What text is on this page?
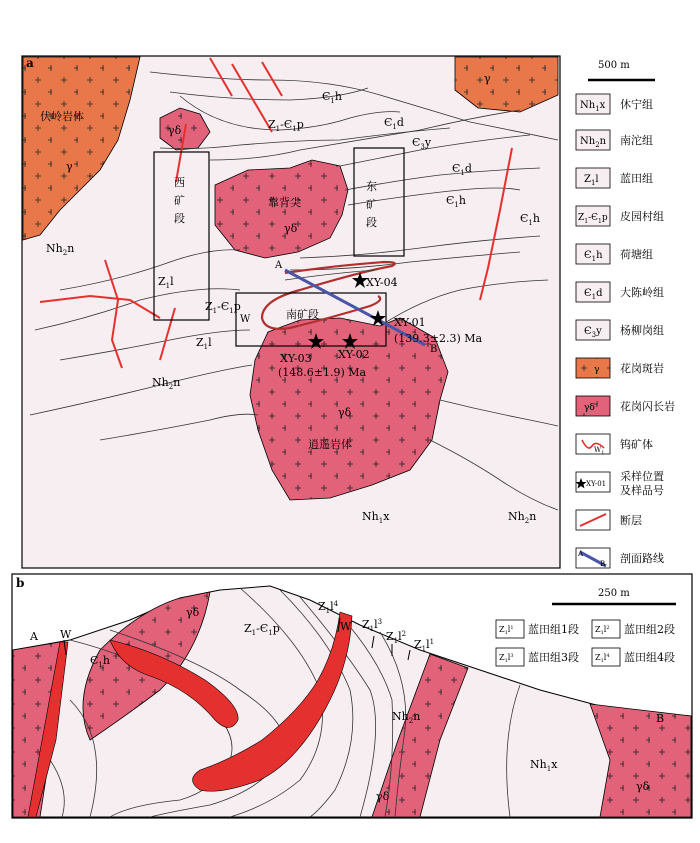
a
伏岭岩体
靠背尖
逍遥岩体
西
矿
段
东
矿
段
南矿段
XY-04
XY-01
(139.3±2.3) Ma
XY-02
XY-03
(148.6±1.9) Ma
A
B
W
$Є_1h$
$Z_1-Є_1p$	$Є_1d$
$Є_3y$
$Є_1d$
$Є_1h$
$Є_1h$
$Nh_2n$
$Z_1l$
$Z_1-Є_1p$
$Z_1l$
$Nh_2n$
$Nh_1x$	$Nh_2n$
γ
γ
γδ
γδ
γδ
500 m
$Nh_1x$
$Nh_2n$
$Z_1l$
$Z_1-Є_1p$
$Є_1h$
$Є_1d$
$Є_3y$
γ
γδ
$W_1$
XY-01
A
B
休宁组
南沱组
蓝田组
皮园村组
荷塘组
大陈岭组
杨柳岗组
花岗斑岩
花岗闪长岩
钨矿体
采样位置
及样品号
断层
剖面路线
b
A W
B
$Є_1h$
$Z_1-Є_1p$
$Nh_2n$
$Nh_1x$
$Z_1l^4$
$Z_1l^3$
$Z_1l^2$
$Z_1l^1$
W
γδ
γδ
γδ
250 m
$Z_1l^1$	$Z_1l^2$
$Z_1l^3$	$Z_1l^4$
蓝田组1段	蓝田组2段
蓝田组3段	蓝田组4段
